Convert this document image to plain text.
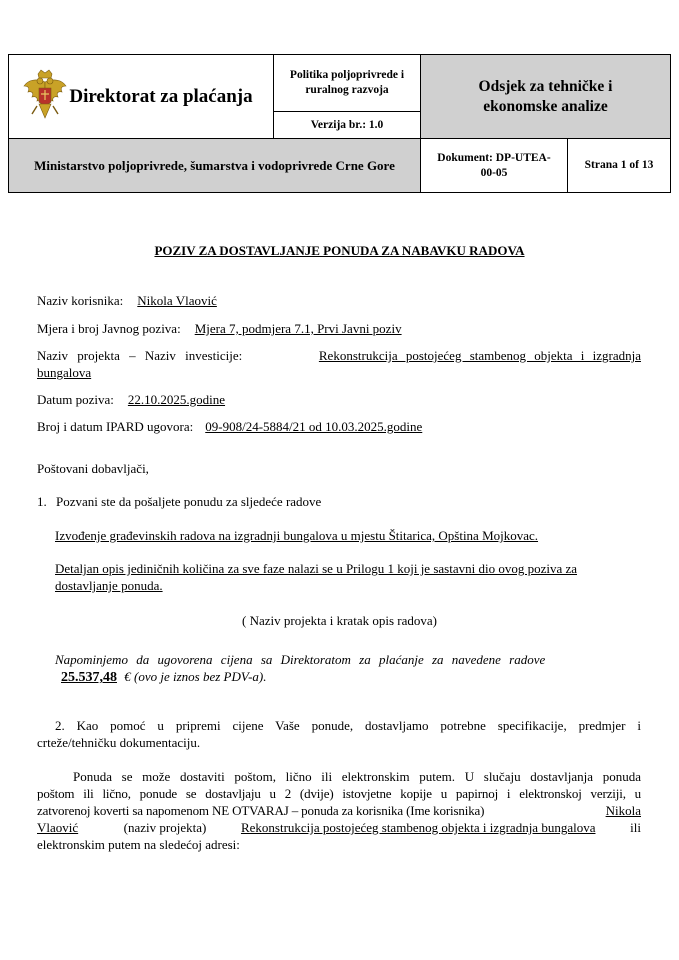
Direktorat za plaćanja	Politika poljoprivrede i ruralnog razvoja	Odsjek za tehničke i ekonomske analize	

	Verzija br.: 1.0		

Ministarstvo poljoprivrede, šumarstva i vodoprivrede Crne Gore		Dokument: DP-UTEA-00-05	Strana 1 of 13
POZIV ZA DOSTAVLJANJE PONUDA ZA NABAVKU RADOVA
Naziv korisnika: Nikola Vlaović
Mjera i broj Javnog poziva: Mjera 7, podmjera 7.1, Prvi Javni poziv
Naziv projekta – Naziv investicije:	Rekonstrukcija postojećeg stambenog objekta i izgradnja
bungalova
Datum poziva: 22.10.2025.godine
Broj i datum IPARD ugovora: 09-908/24-5884/21 od 10.03.2025.godine
Poštovani dobavljači,
1. Pozvani ste da pošaljete ponudu za sljedeće radove
Izvođenje građevinskih radova na izgradnji bungalova u mjestu Štitarica, Opština Mojkovac.
Detaljan opis jediničnih količina za sve faze nalazi se u Prilogu 1 koji je sastavni dio ovog poziva za
dostavljanje ponuda.
( Naziv projekta i kratak opis radova)
Napominjemo da ugovorena cijena sa Direktoratom za plaćanje za navedene radove
25.537,48 € (ovo je iznos bez PDV-a).
2. Kao pomoć u pripremi cijene Vaše ponude, dostavljamo potrebne specifikacije, predmjer i
crteže/tehničku dokumentaciju.
Ponuda se može dostaviti poštom, lično ili elektronskim putem. U slučaju dostavljanja ponuda
poštom ili lično, ponude se dostavljaju u 2 (dvije) istovjetne kopije u papirnoj i elektronskoj verziji, u
zatvorenoj koverti sa napomenom NE OTVARAJ – ponuda za korisnika (Ime korisnika)	Nikola
Vlaović	(naziv projekta)	Rekonstrukcija postojećeg stambenog objekta i izgradnja bungalova	ili
elektronskim putem na sledećoj adresi:
